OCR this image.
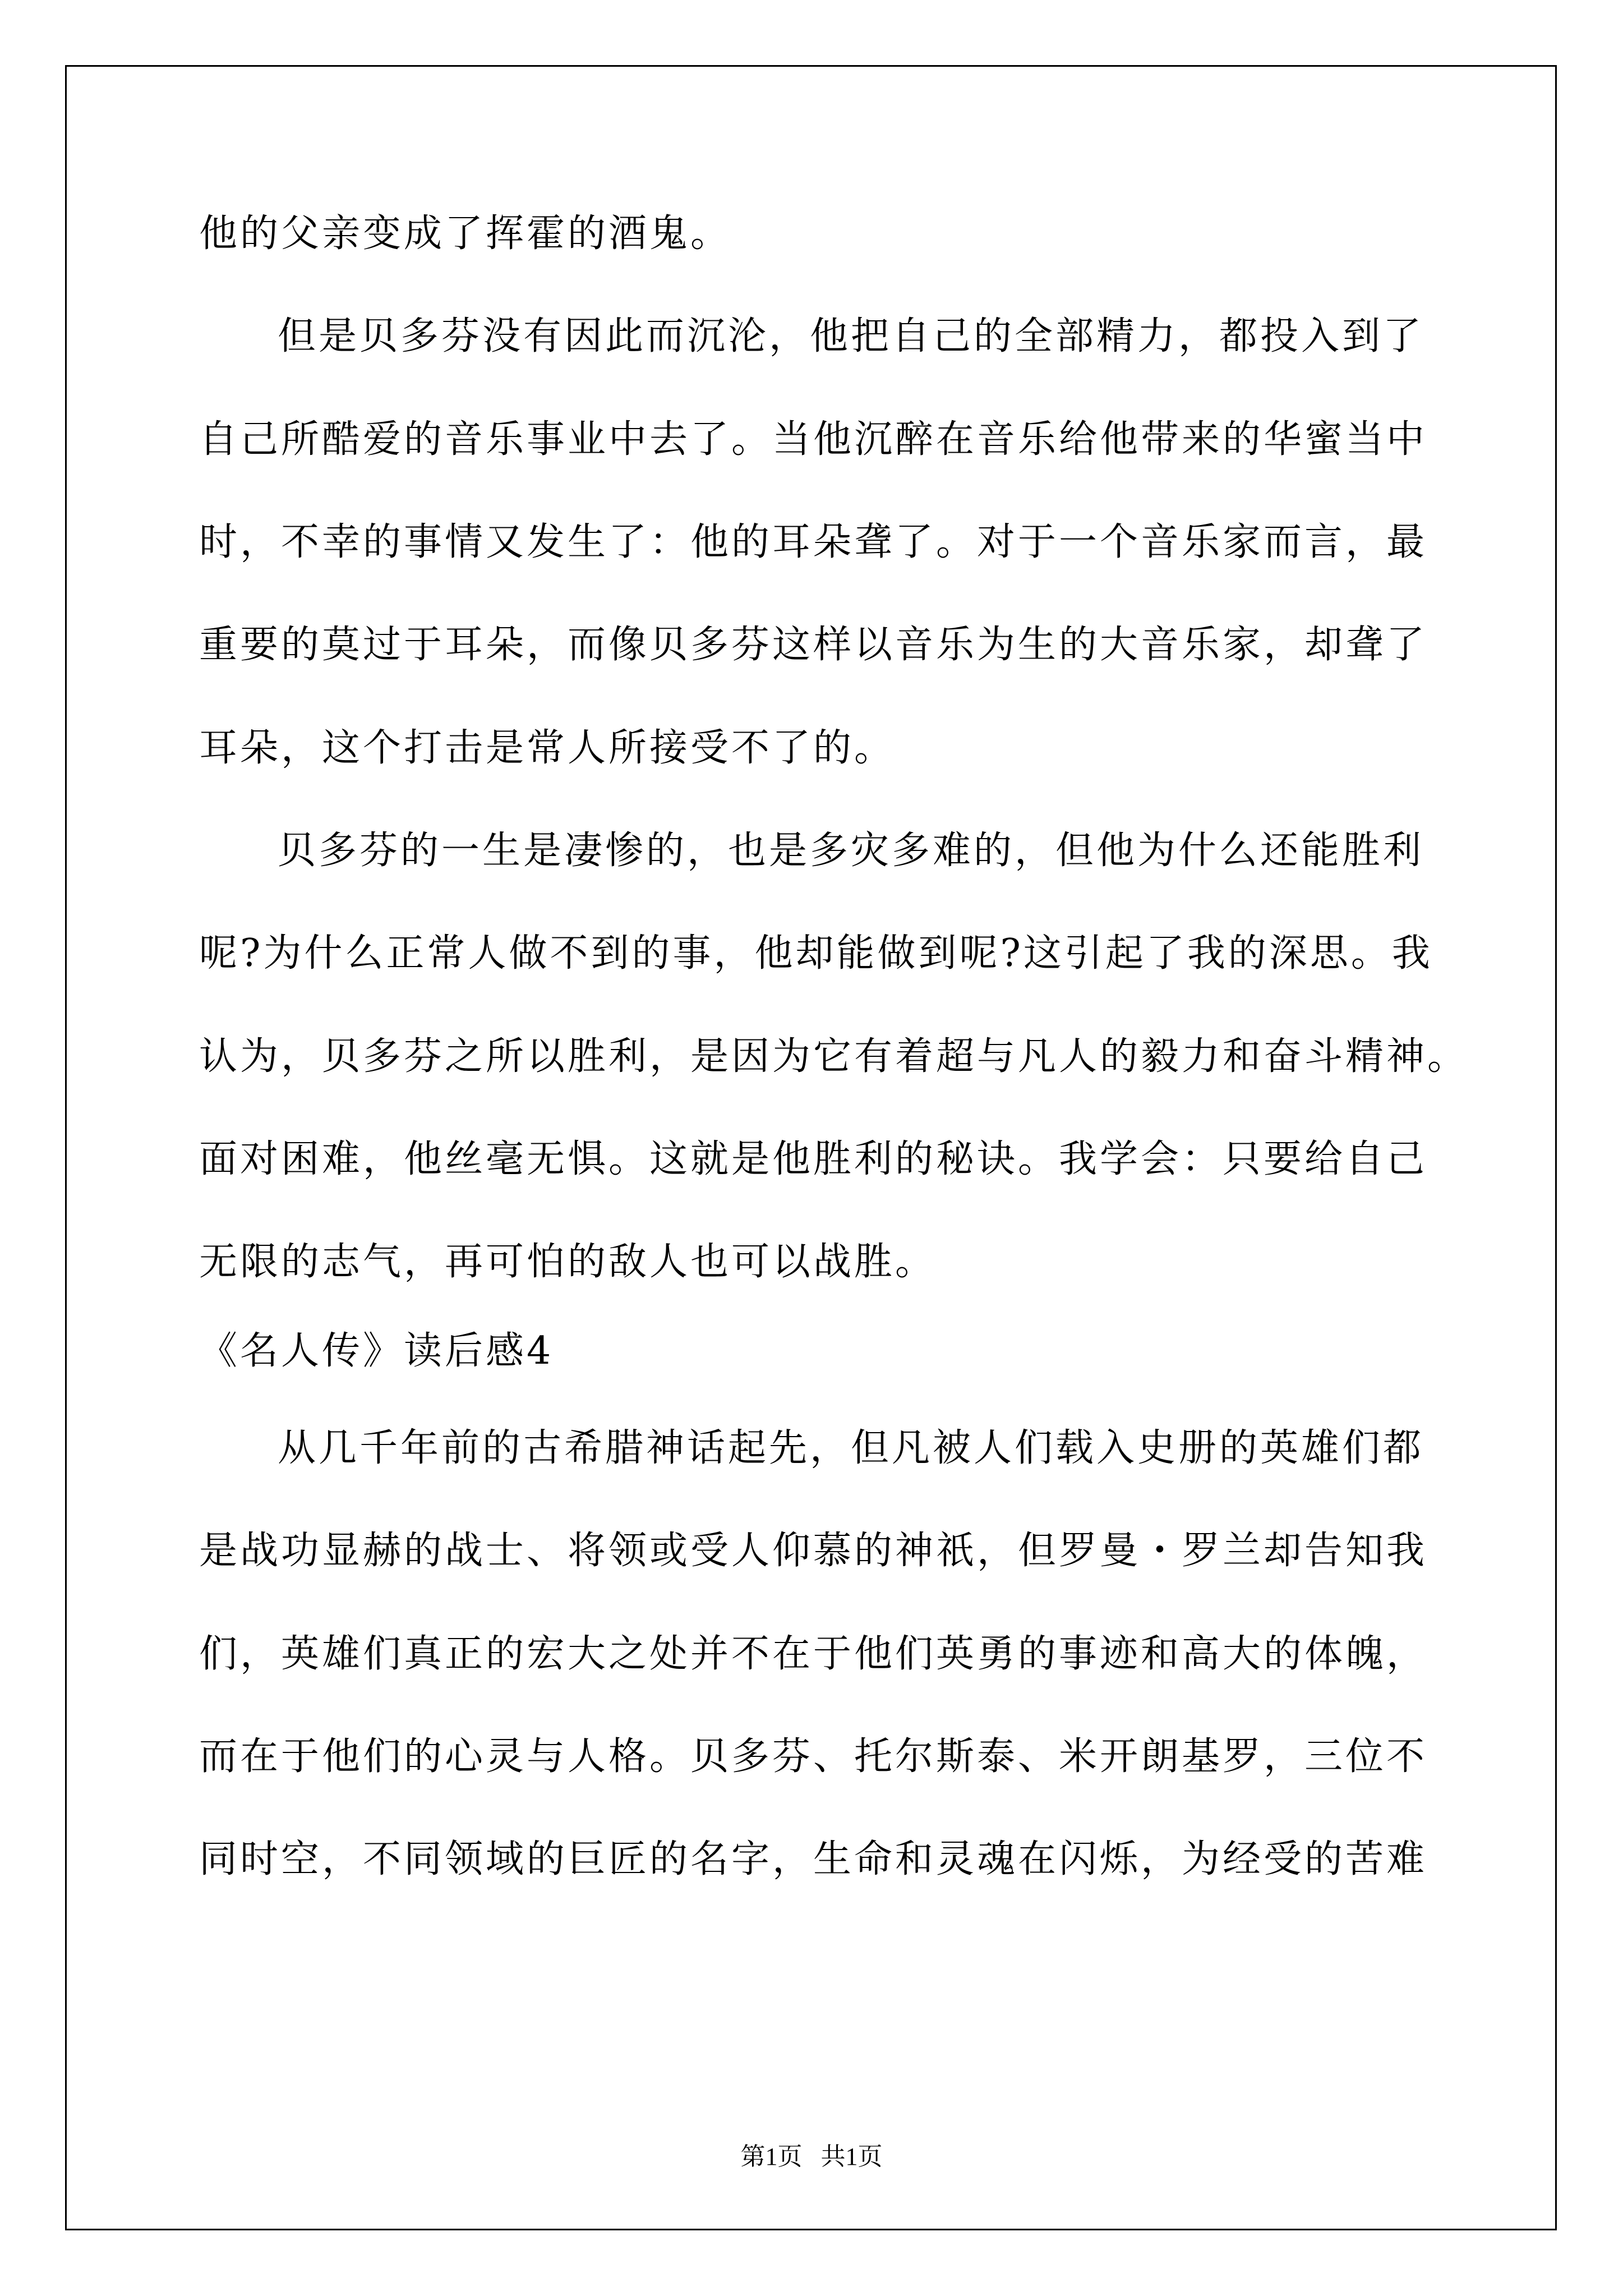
他的父亲变成了挥霍的酒鬼。
但是贝多芬没有因此而沉沦，他把自己的全部精力，都投入到了
自己所酷爱的音乐事业中去了。当他沉醉在音乐给他带来的华蜜当中
时，不幸的事情又发生了：他的耳朵聋了。对于一个音乐家而言，最
重要的莫过于耳朵，而像贝多芬这样以音乐为生的大音乐家，却聋了
耳朵，这个打击是常人所接受不了的。
贝多芬的一生是凄惨的，也是多灾多难的，但他为什么还能胜利
呢?为什么正常人做不到的事，他却能做到呢?这引起了我的深思。我
认为，贝多芬之所以胜利，是因为它有着超与凡人的毅力和奋斗精神。
面对困难，他丝毫无惧。这就是他胜利的秘诀。我学会：只要给自己
无限的志气，再可怕的敌人也可以战胜。
《名人传》读后感4
从几千年前的古希腊神话起先，但凡被人们载入史册的英雄们都
是战功显赫的战士、将领或受人仰慕的神祇，但罗曼・罗兰却告知我
们，英雄们真正的宏大之处并不在于他们英勇的事迹和高大的体魄，
而在于他们的心灵与人格。贝多芬、托尔斯泰、米开朗基罗，三位不
同时空，不同领域的巨匠的名字，生命和灵魂在闪烁，为经受的苦难
第1页   共1页
